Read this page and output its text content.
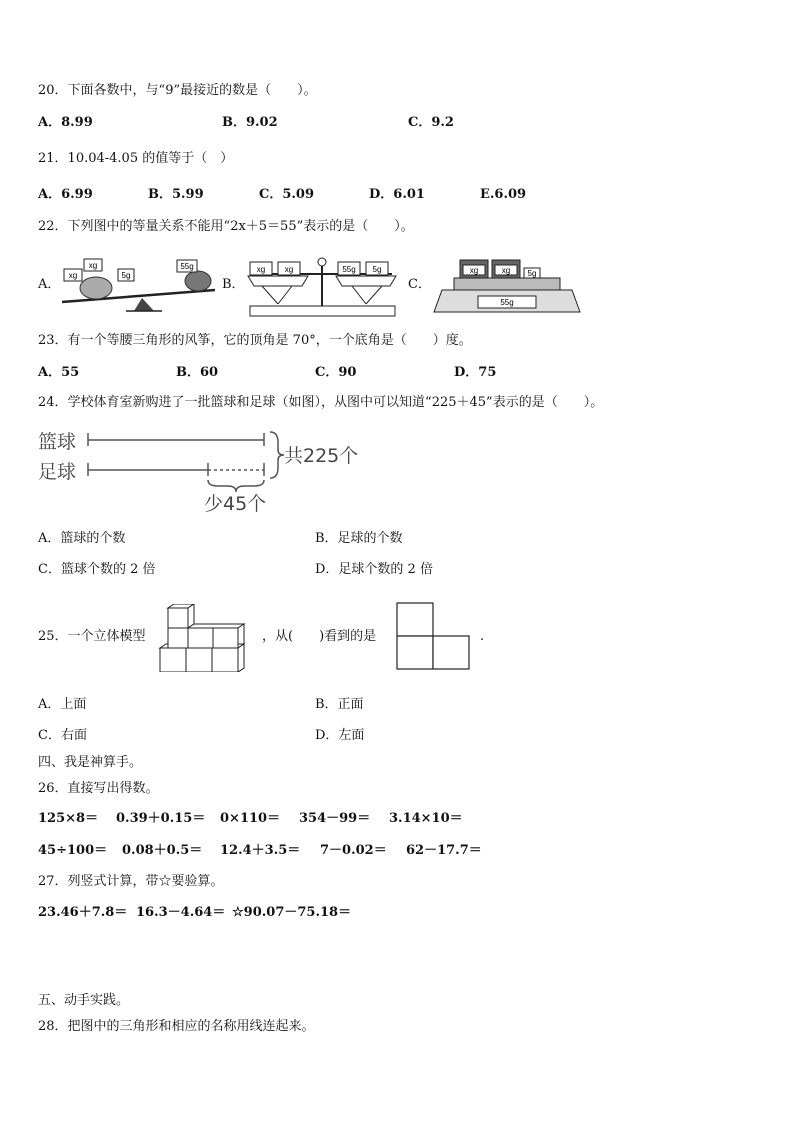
20．下面各数中，与“9”最接近的数是（　　）。
A．8.99	B．9.02	C．9.2
21．10.04-4.05 的值等于（　）
A．6.99	B．5.99	C．5.09	D．6.01	E.6.09
22．下列图中的等量关系不能用“2x＋5＝55”表示的是（　　）。
A．	B．	C．
xg
xg
5g
55g	xg xg	55g 5g
55g
xg	xg 5g
23．有一个等腰三角形的风筝，它的顶角是 70°，一个底角是（　　）度。
A．55	B．60	C．90	D．75
24．学校体育室新购进了一批篮球和足球（如图），从图中可以知道“225＋45”表示的是（　　）。
篮球
足球
共225个
少45个
A．篮球的个数	B．足球的个数
C．篮球个数的 2 倍	D．足球个数的 2 倍
25．一个立体模型	，从(　　)看到的是	.
A．上面	B．正面
C．右面	D．左面
四、我是神算手。
26．直接写出得数。
125×8＝ 0.39＋0.15＝ 0×110＝ 354－99＝ 3.14×10＝
45÷100＝ 0.08＋0.5＝ 12.4＋3.5＝ 7－0.02＝ 62－17.7＝
27．列竖式计算，带☆要验算。
23.46＋7.8＝ 16.3－4.64＝ ☆90.07－75.18＝
五、动手实践。
28．把图中的三角形和相应的名称用线连起来。
